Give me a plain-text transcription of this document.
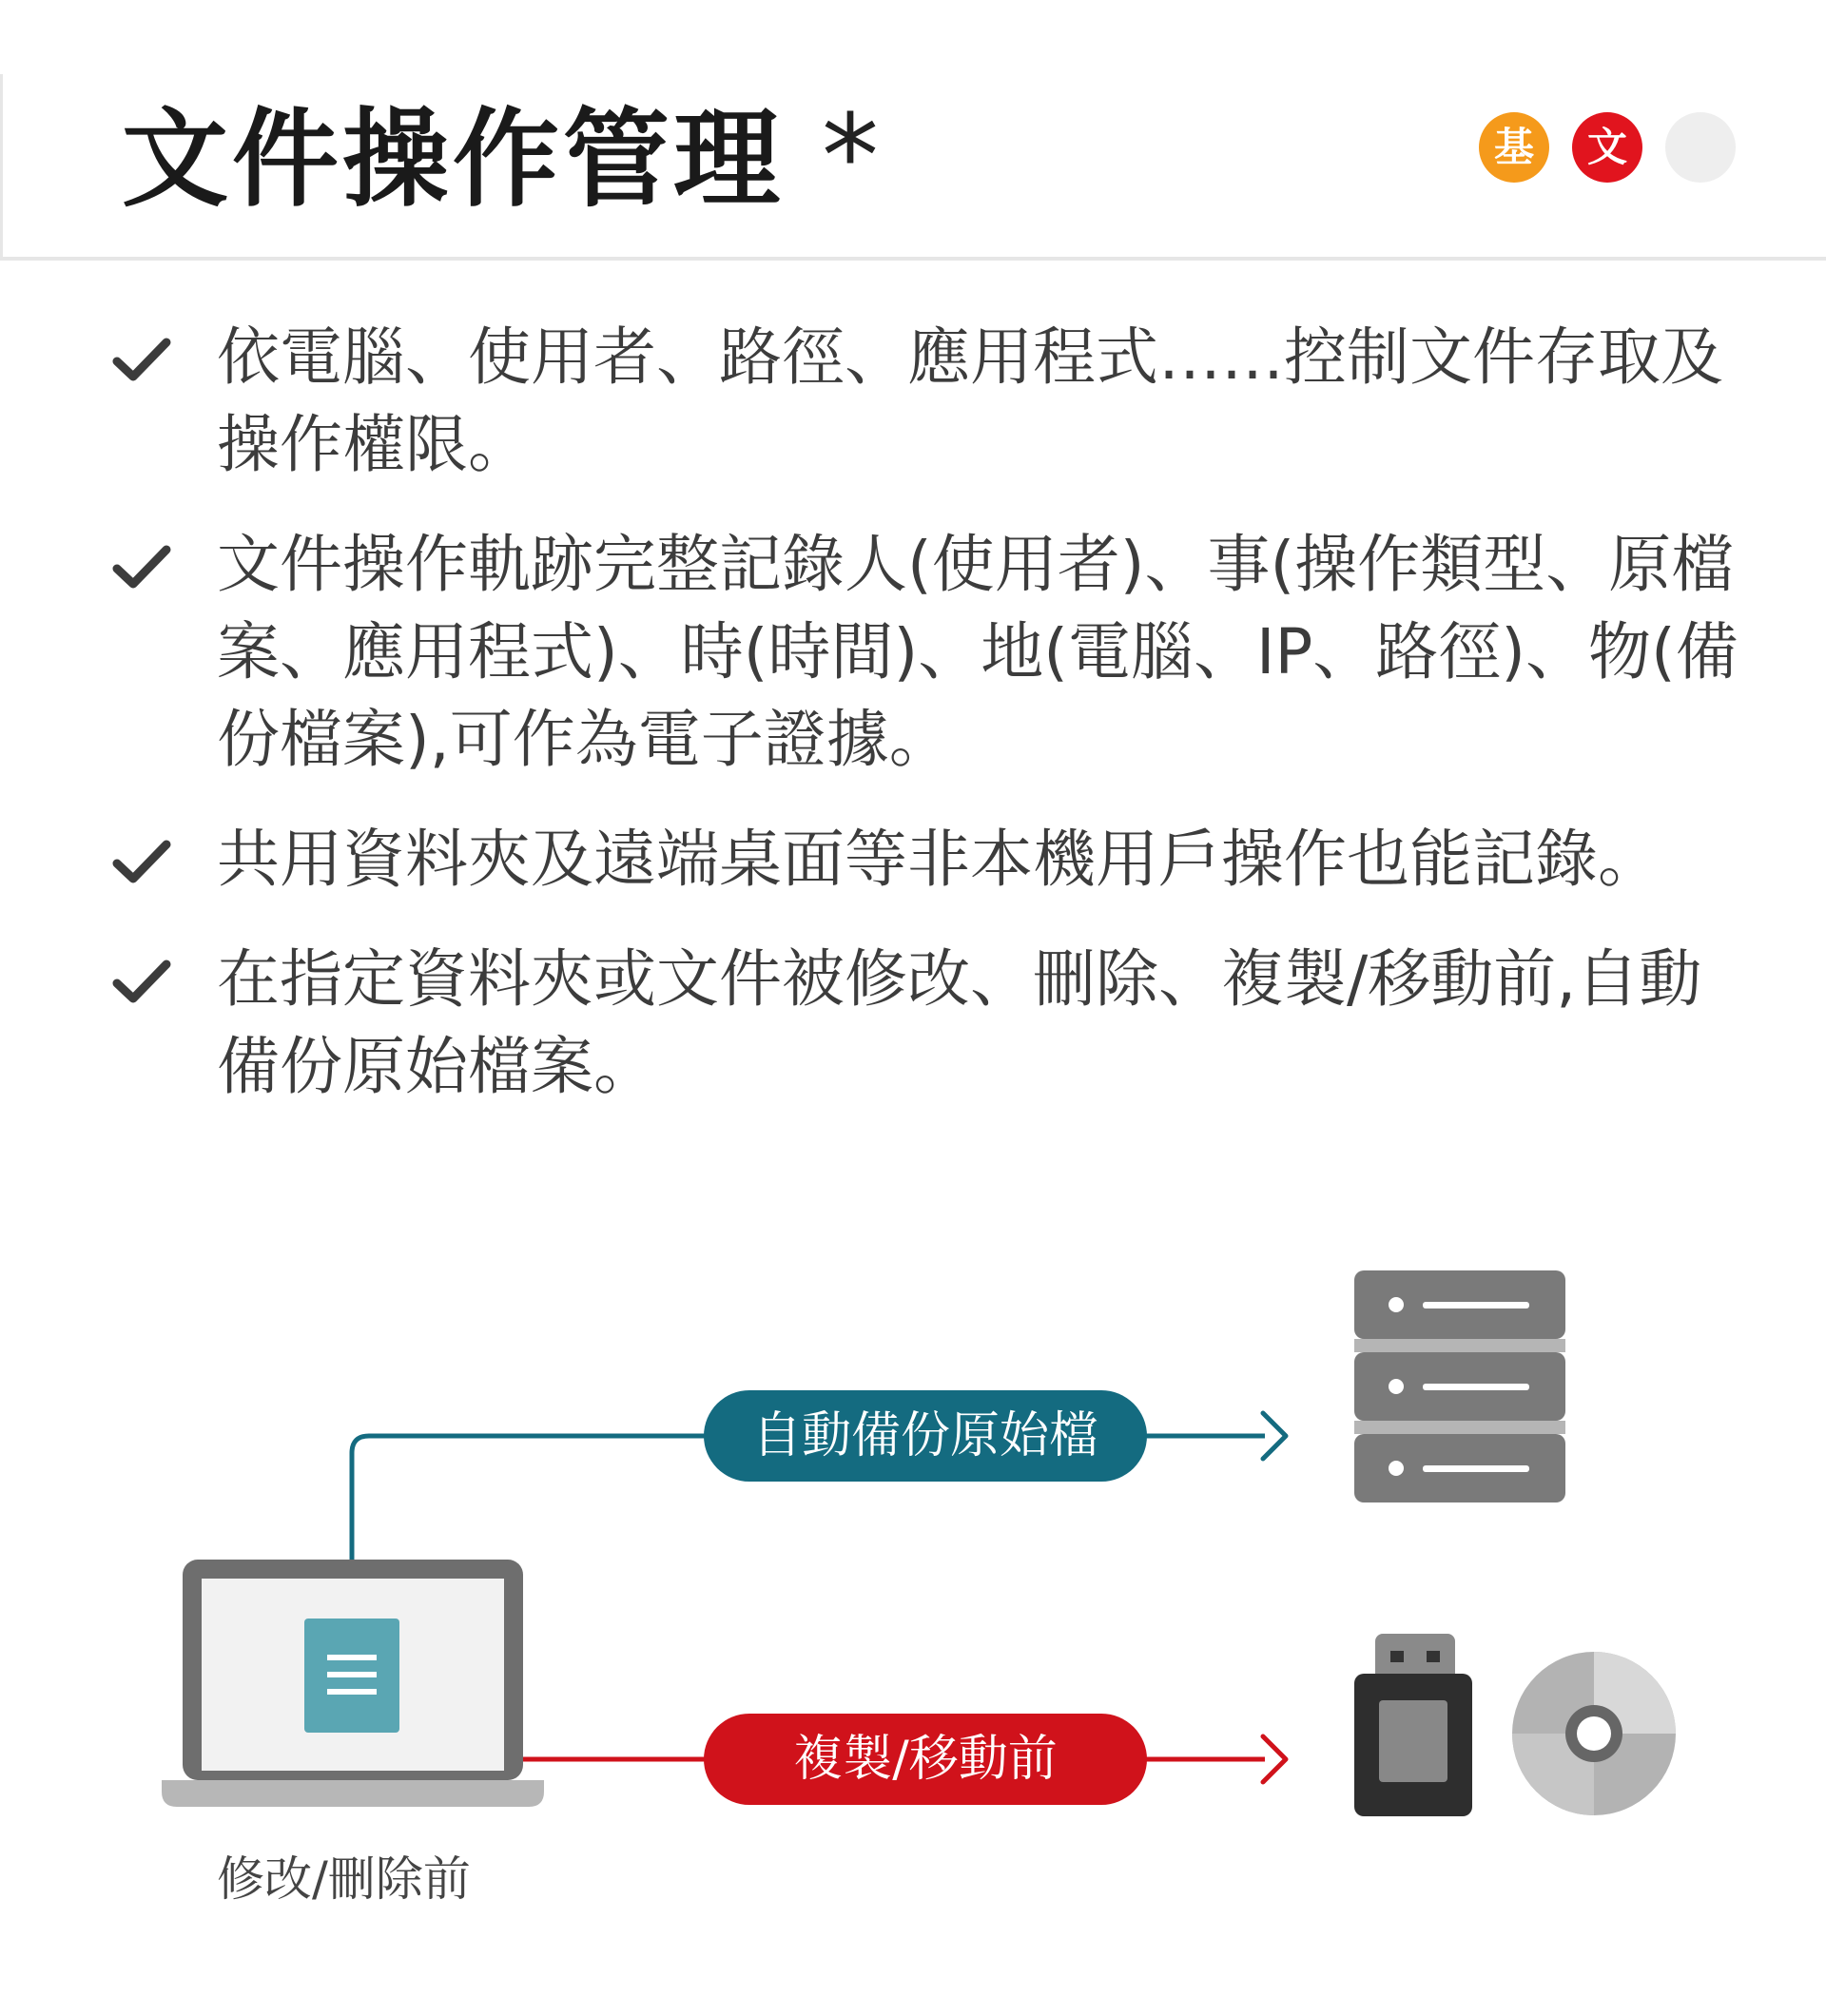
文件操作管理 *	基	文
依電腦、使用者、路徑、應用程式……控制文件存取及操作權限。
文件操作軌跡完整記錄人(使用者)、事(操作類型、原檔案、應用程式)、時(時間)、地(電腦、IP、路徑)、物(備份檔案),可作為電子證據。
共用資料夾及遠端桌面等非本機用戶操作也能記錄。
在指定資料夾或文件被修改、刪除、複製/移動前,自動備份原始檔案。
自動備份原始檔
複製/移動前
修改/刪除前
